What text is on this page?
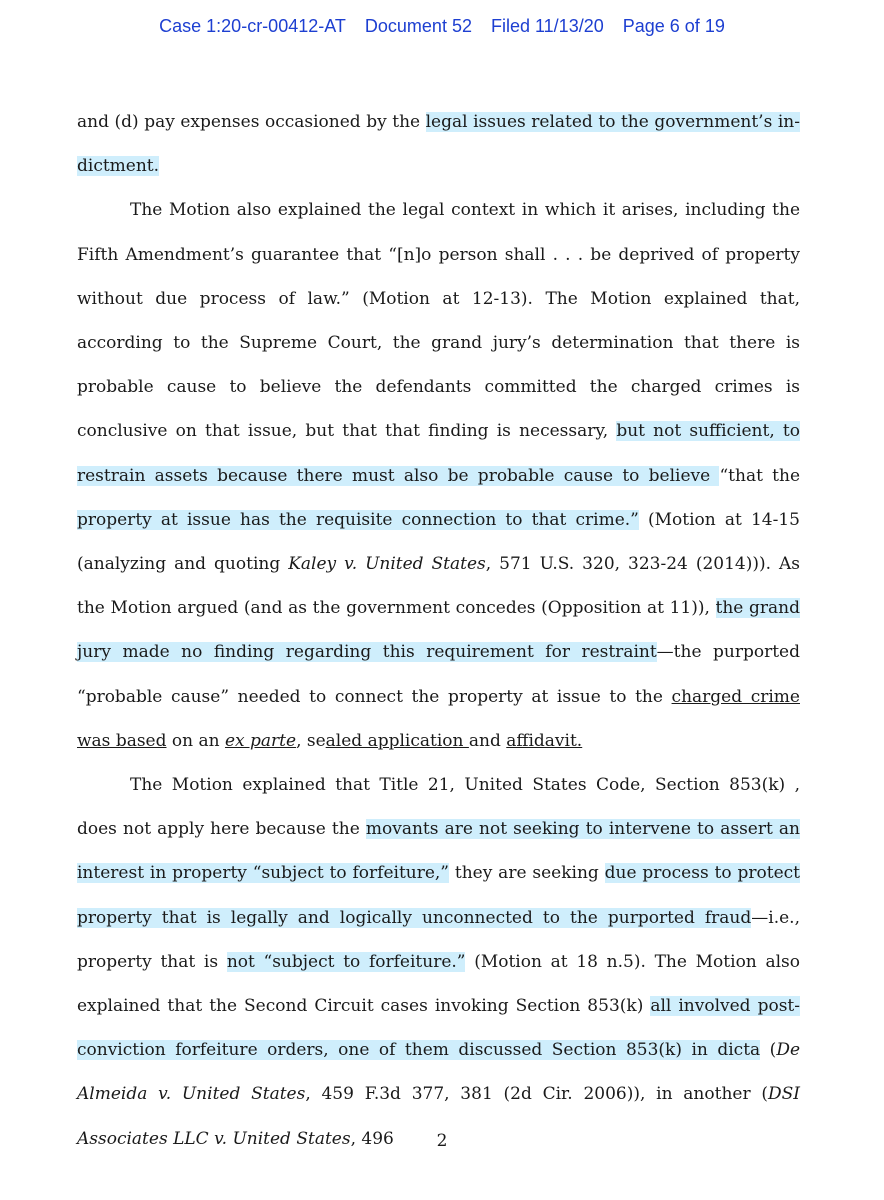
Case 1:20-cr-00412-AT Document 52 Filed 11/13/20 Page 6 of 19

and (d) pay expenses occasioned by the legal issues related to the government’s indictment.

The Motion also explained the legal context in which it arises, including the Fifth Amendment’s guarantee that “[n]o person shall . . . be deprived of property without due process of law.” (Motion at 12-13). The Motion explained that, according to the Supreme Court, the grand jury’s determination that there is probable cause to believe the defendants committed the charged crimes is conclusive on that issue, but that that finding is necessary, but not sufficient, to restrain assets because there must also be probable cause to believe “that the property at issue has the requisite connection to that crime.” (Motion at 14-15 (analyzing and quoting Kaley v. United States, 571 U.S. 320, 323-24 (2014))). As the Motion argued (and as the government concedes (Opposition at 11)), the grand jury made no finding regarding this requirement for restraint—the purported “probable cause” needed to connect the property at issue to the charged crime was based on an ex parte, sealed application and affidavit.

The Motion explained that Title 21, United States Code, Section 853(k) , does not apply here because the movants are not seeking to intervene to assert an interest in property “subject to forfeiture,” they are seeking due process to protect property that is legally and logically unconnected to the purported fraud—i.e., property that is not “subject to forfeiture.” (Motion at 18 n.5). The Motion also explained that the Second Circuit cases invoking Section 853(k) all involved post-conviction forfeiture orders, one of them discussed Section 853(k) in dicta (De Almeida v. United States, 459 F.3d 377, 381 (2d Cir. 2006)), in another (DSI Associates LLC v. United States, 496	2
